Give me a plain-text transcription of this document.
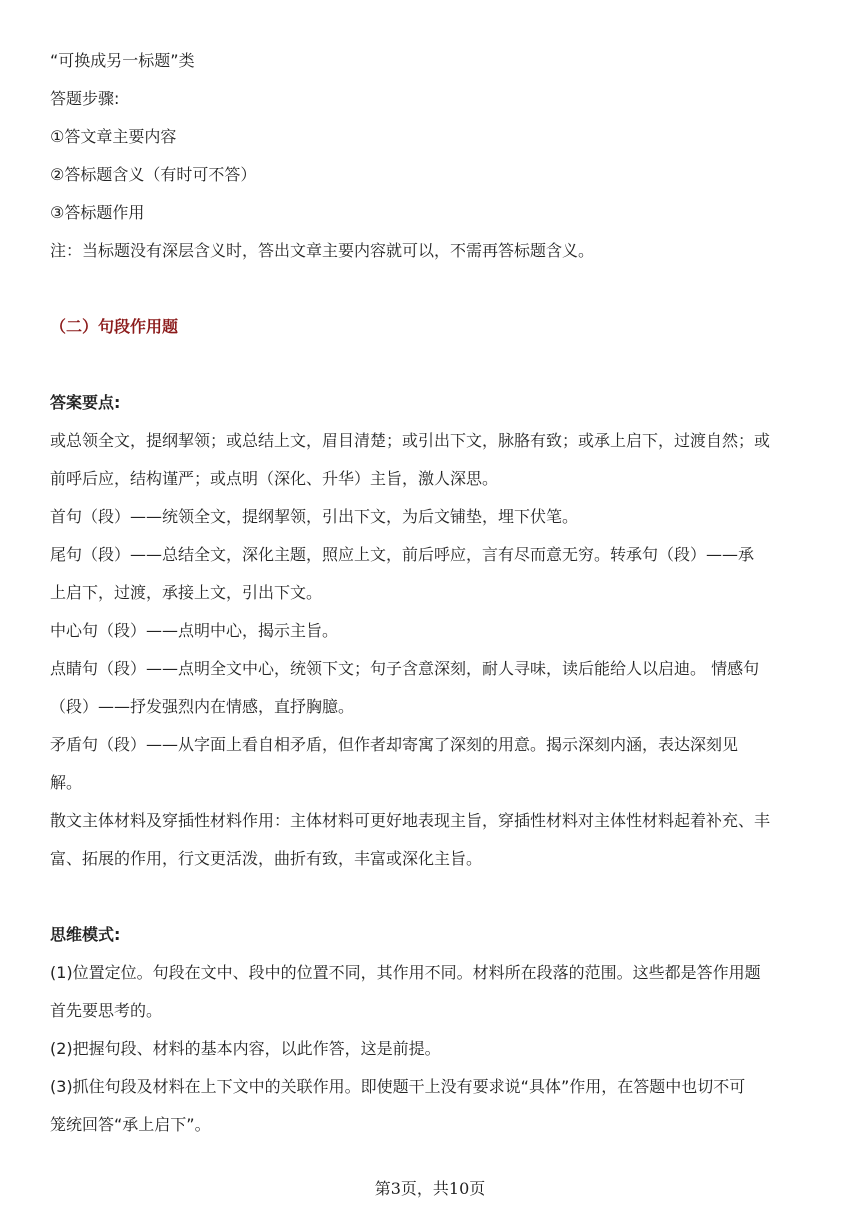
“可换成另一标题”类
答题步骤:
①答文章主要内容
②答标题含义（有时可不答）
③答标题作用
注：当标题没有深层含义时，答出文章主要内容就可以，不需再答标题含义。
（二）句段作用题
答案要点:
或总领全文，提纲挈领；或总结上文，眉目清楚；或引出下文，脉胳有致；或承上启下，过渡自然；或
前呼后应，结构谨严；或点明（深化、升华）主旨，激人深思。
首句（段）——统领全文，提纲挈领，引出下文，为后文铺垫，埋下伏笔。
尾句（段）——总结全文，深化主题，照应上文，前后呼应，言有尽而意无穷。转承句（段）——承
上启下，过渡，承接上文，引出下文。
中心句（段）——点明中心，揭示主旨。
点睛句（段）——点明全文中心，统领下文；句子含意深刻，耐人寻味，读后能给人以启迪。 情感句
（段）——抒发强烈内在情感，直抒胸臆。
矛盾句（段）——从字面上看自相矛盾，但作者却寄寓了深刻的用意。揭示深刻内涵，表达深刻见
解。
散文主体材料及穿插性材料作用：主体材料可更好地表现主旨，穿插性材料对主体性材料起着补充、丰
富、拓展的作用，行文更活泼，曲折有致，丰富或深化主旨。
思维模式:
(1)位置定位。句段在文中、段中的位置不同，其作用不同。材料所在段落的范围。这些都是答作用题
首先要思考的。
(2)把握句段、材料的基本内容，以此作答，这是前提。
(3)抓住句段及材料在上下文中的关联作用。即使题干上没有要求说“具体”作用，在答题中也切不可
笼统回答“承上启下”。
第3页，共10页
